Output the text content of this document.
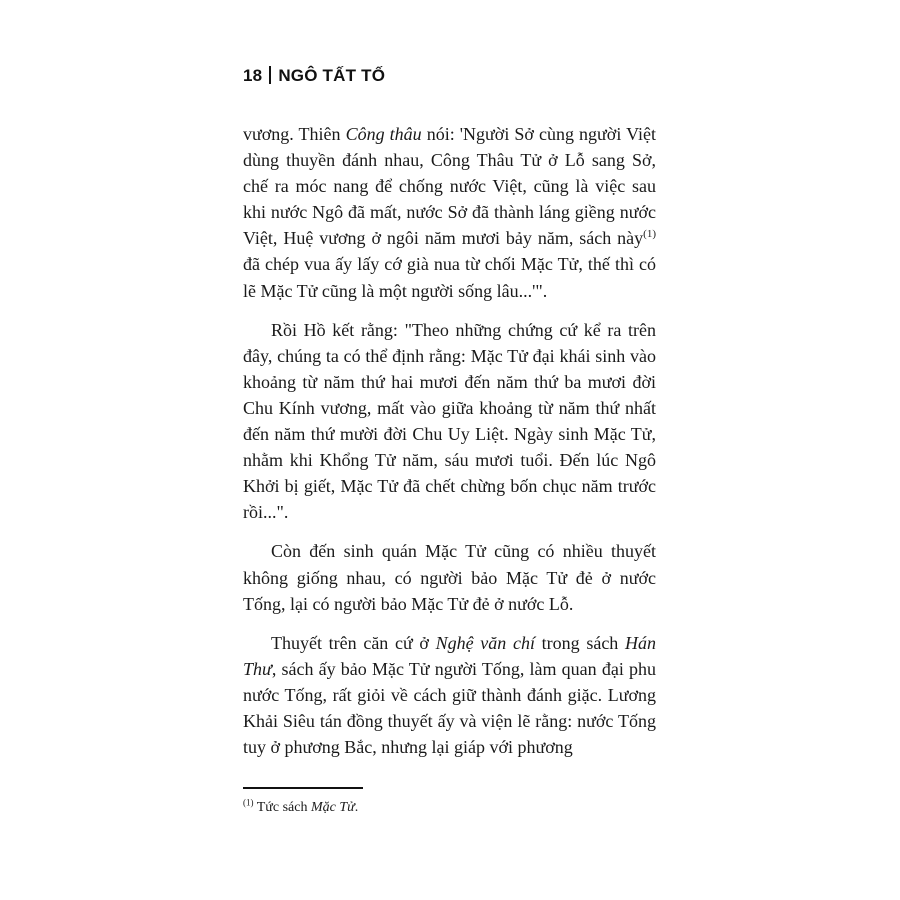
18 NGÔ TẤT TỐ

vương. Thiên Công thâu nói: 'Người Sở cùng người Việt dùng thuyền đánh nhau, Công Thâu Tử ở Lỗ sang Sở, chế ra móc nang để chống nước Việt, cũng là việc sau khi nước Ngô đã mất, nước Sở đã thành láng giềng nước Việt, Huệ vương ở ngôi năm mươi bảy năm, sách này$^{(1)}$ đã chép vua ấy lấy cớ già nua từ chối Mặc Tử, thế thì có lẽ Mặc Tử cũng là một người sống lâu...'".

Rồi Hồ kết rằng: "Theo những chứng cứ kể ra trên đây, chúng ta có thể định rằng: Mặc Tử đại khái sinh vào khoảng từ năm thứ hai mươi đến năm thứ ba mươi đời Chu Kính vương, mất vào giữa khoảng từ năm thứ nhất đến năm thứ mười đời Chu Uy Liệt. Ngày sinh Mặc Tử, nhằm khi Khổng Tử năm, sáu mươi tuổi. Đến lúc Ngô Khởi bị giết, Mặc Tử đã chết chừng bốn chục năm trước rồi...".

Còn đến sinh quán Mặc Tử cũng có nhiều thuyết không giống nhau, có người bảo Mặc Tử đẻ ở nước Tống, lại có người bảo Mặc Tử đẻ ở nước Lỗ.

Thuyết trên căn cứ ở Nghệ văn chí trong sách Hán Thư, sách ấy bảo Mặc Tử người Tống, làm quan đại phu nước Tống, rất giỏi về cách giữ thành đánh giặc. Lương Khải Siêu tán đồng thuyết ấy và viện lẽ rằng: nước Tống tuy ở phương Bắc, nhưng lại giáp với phương

$^{(1)}$ Tức sách Mặc Tử.
